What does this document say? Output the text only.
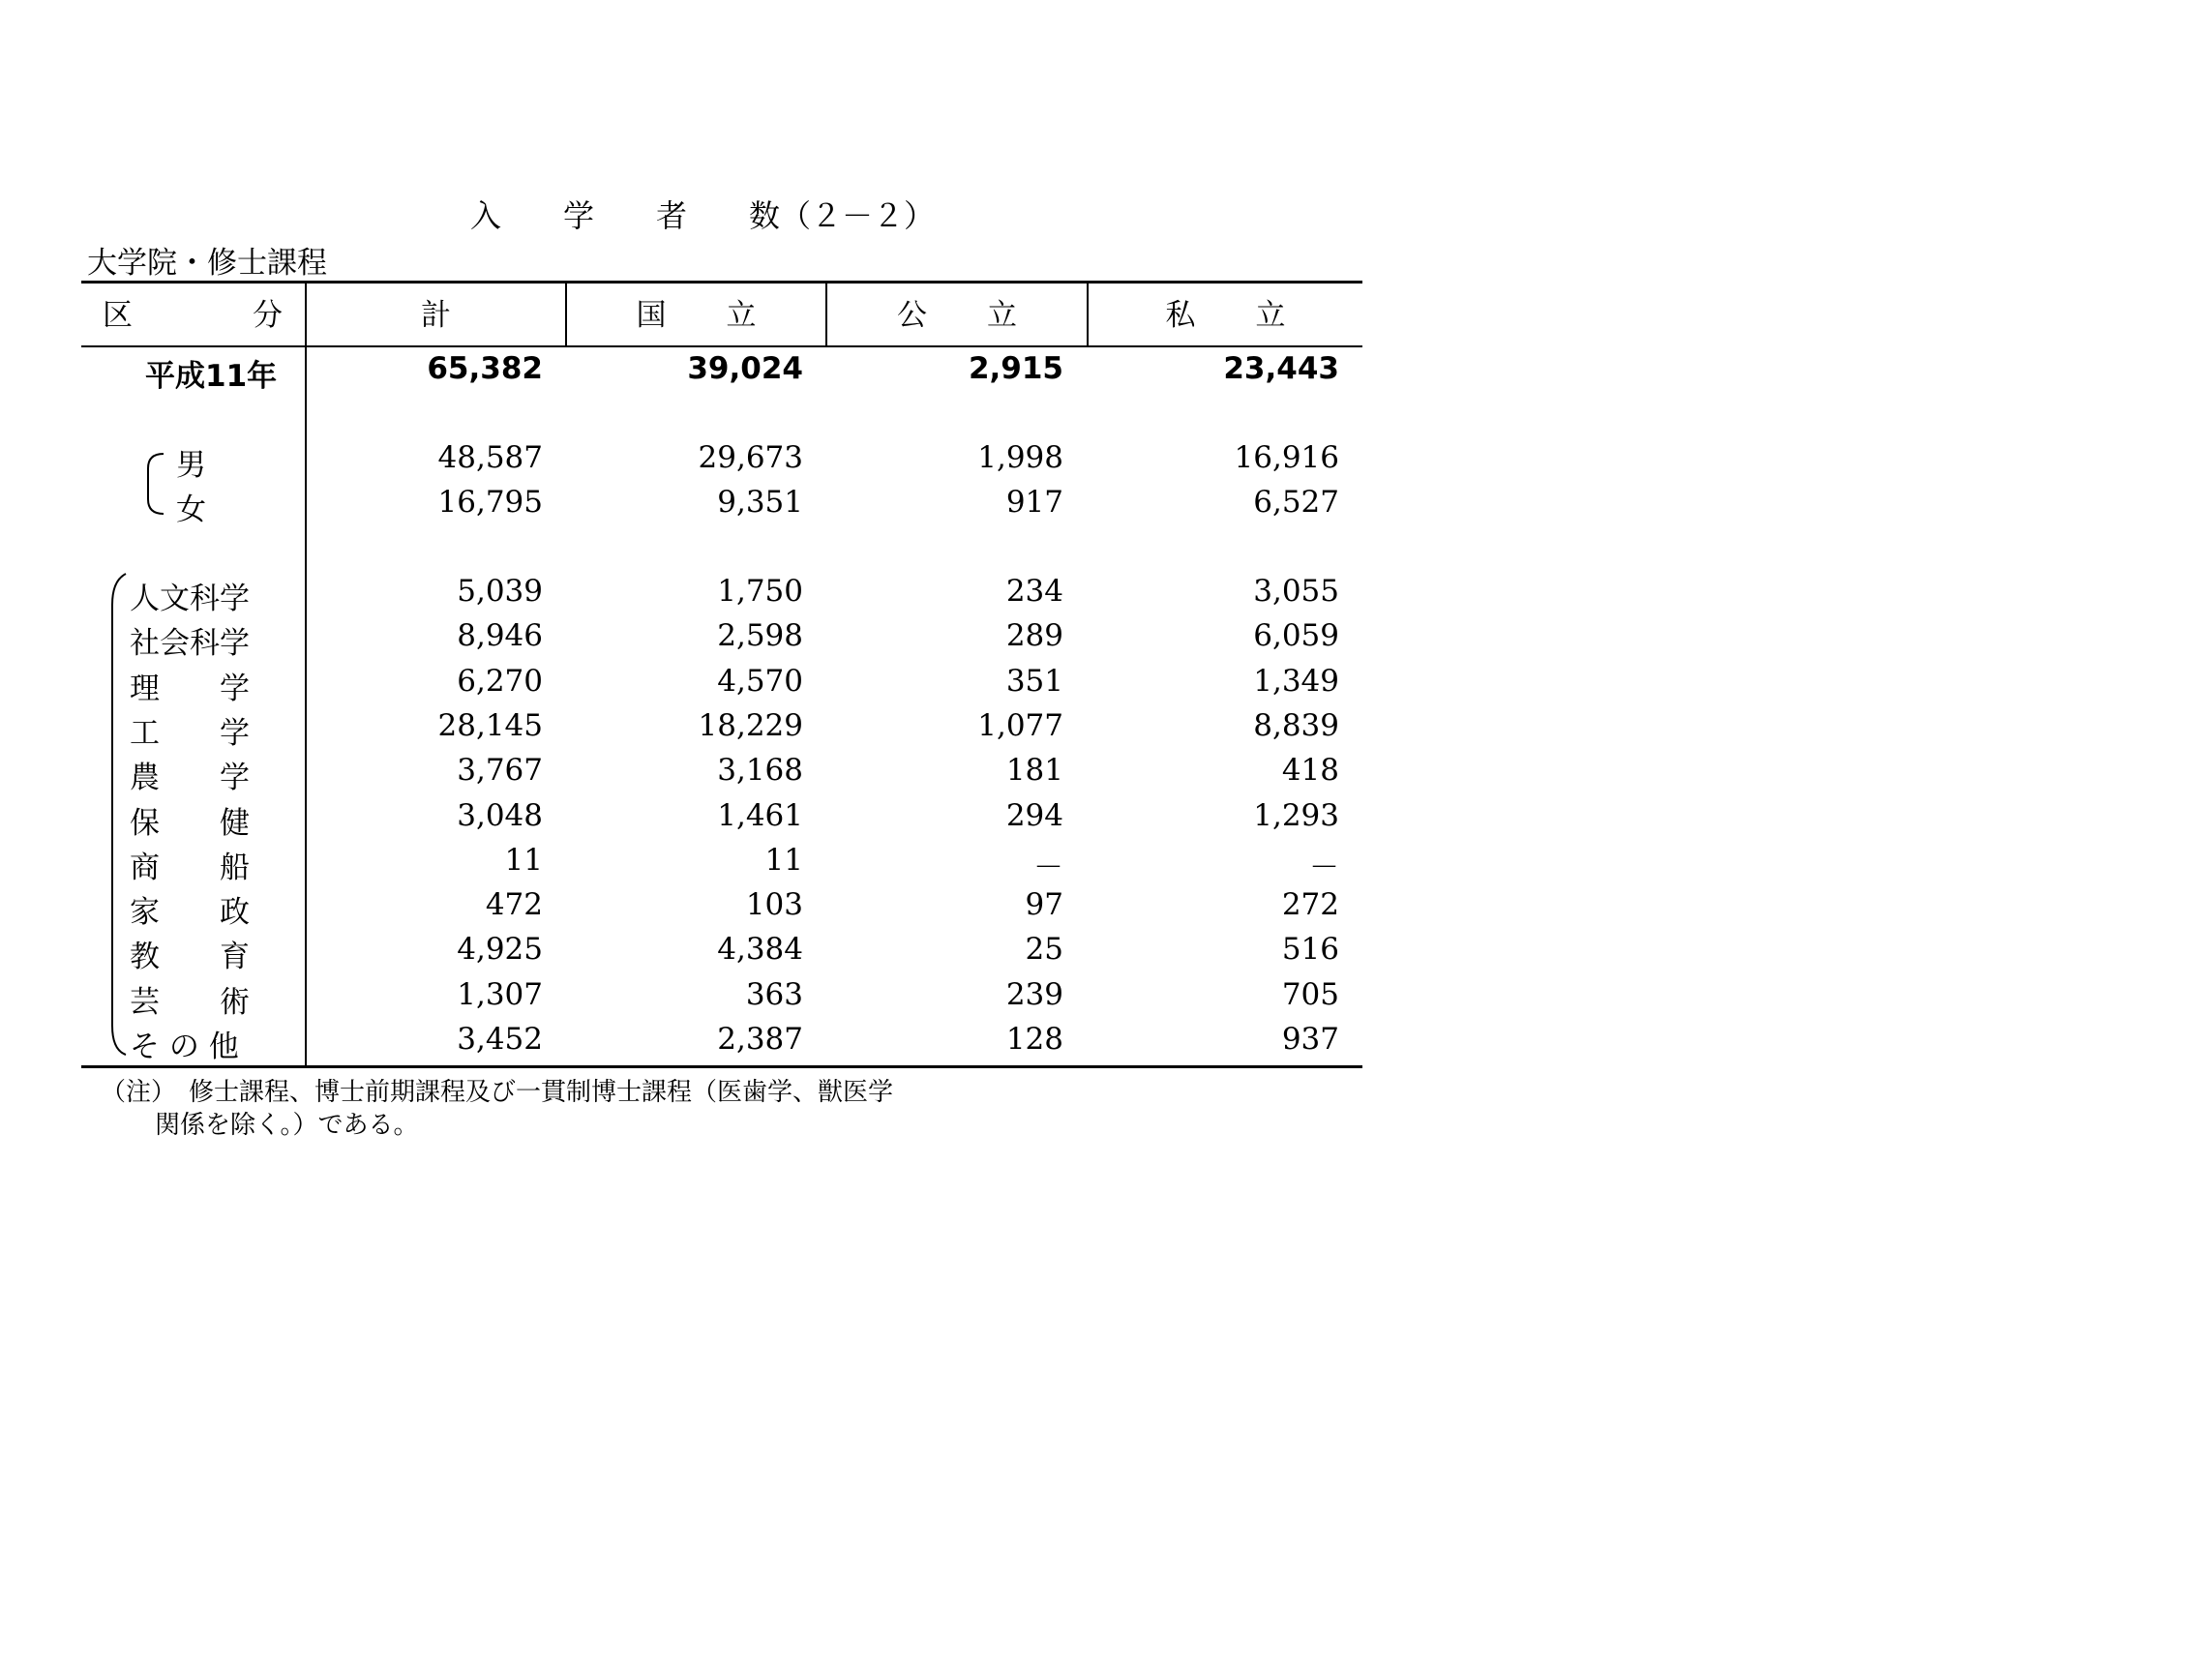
入　　学　　者　　数（２－２）
大学院・修士課程
区　　　　分	計	国　　立	公　　立	私　　立
平成11年	65,382	39,024	2,915	23,443
男	48,587	29,673	1,998	16,916
女	16,795	9,351	917	6,527
人文科学	5,039	1,750	234	3,055
社会科学	8,946	2,598	289	6,059
理　　学	6,270	4,570	351	1,349
工　　学	28,145	18,229	1,077	8,839
農　　学	3,767	3,168	181	418
保　　健	3,048	1,461	294	1,293
商　　船	11	11	－	－
家　　政	472	103	97	272
教　　育	4,925	4,384	25	516
芸　　術	1,307	363	239	705
そ の 他	3,452	2,387	128	937
（注）　修士課程、博士前期課程及び一貫制博士課程（医歯学、獣医学
関係を除く。）である。
